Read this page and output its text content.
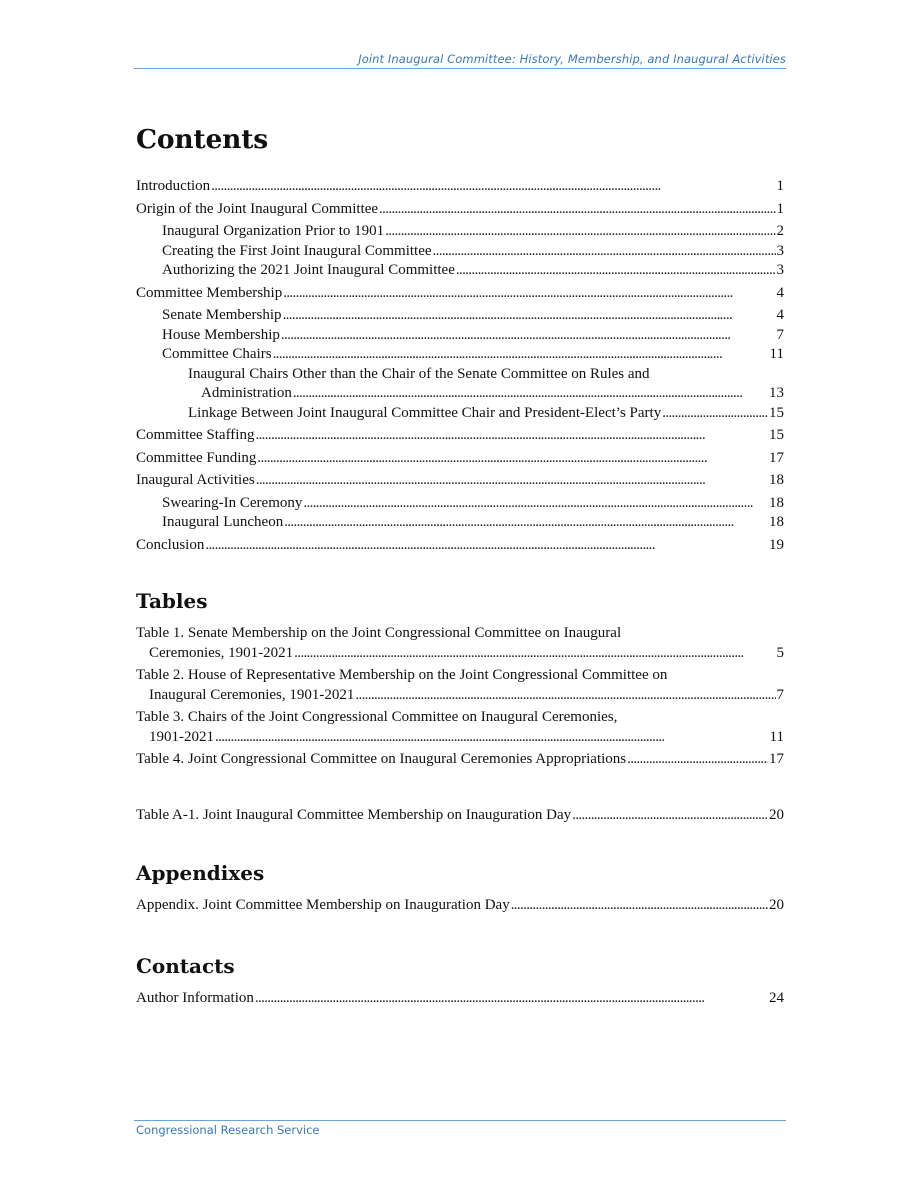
Joint Inaugural Committee: History, Membership, and Inaugural Activities
Contents
Introduction . . .	1
Origin of the Joint Inaugural Committee . . .	1
Inaugural Organization Prior to 1901 . . .	2
Creating the First Joint Inaugural Committee . . .	3
Authorizing the 2021 Joint Inaugural Committee . . .	3
Committee Membership . . .	4
Senate Membership . . .	4
House Membership . . .	7
Committee Chairs . . .	11
Inaugural Chairs Other than the Chair of the Senate Committee on Rules and
Administration . . .	13
Linkage Between Joint Inaugural Committee Chair and President-Elect’s Party . . .	15
Committee Staffing . . .	15
Committee Funding . . .	17
Inaugural Activities . . .	18
Swearing-In Ceremony . . .	18
Inaugural Luncheon . . .	18
Conclusion . . .	19
Tables
Table 1. Senate Membership on the Joint Congressional Committee on Inaugural
Ceremonies, 1901-2021 . . .	5
Table 2. House of Representative Membership on the Joint Congressional Committee on
Inaugural Ceremonies, 1901-2021 . . .	7
Table 3. Chairs of the Joint Congressional Committee on Inaugural Ceremonies,
1901-2021 . . .	11
Table 4. Joint Congressional Committee on Inaugural Ceremonies Appropriations . . .	17
Table A-1. Joint Inaugural Committee Membership on Inauguration Day . . .	20
Appendixes
Appendix. Joint Committee Membership on Inauguration Day . . .	20
Contacts
Author Information . . .	24
Congressional Research Service
